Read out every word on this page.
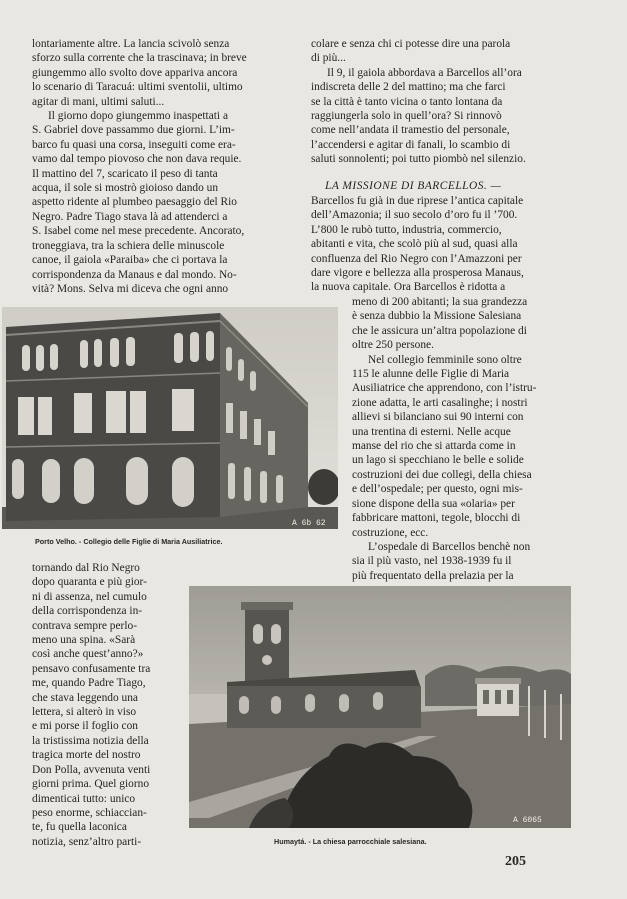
lontariamente altre. La lancia scivolò senza
sforzo sulla corrente che la trascinava; in breve
giungemmo allo svolto dove appariva ancora
lo scenario di Taracuá: ultimi sventolii, ultimo
agitar di mani, ultimi saluti...
Il giorno dopo giungemmo inaspettati a
S. Gabriel dove passammo due giorni. L’im-
barco fu quasi una corsa, inseguiti come era-
vamo dal tempo piovoso che non dava requie.
Il mattino del 7, scaricato il peso di tanta
acqua, il sole si mostrò gioioso dando un
aspetto ridente al plumbeo paesaggio del Rio
Negro. Padre Tiago stava là ad attenderci a
S. Isabel come nel mese precedente. Ancorato,
troneggiava, tra la schiera delle minuscole
canoe, il gaiola «Paraiba» che ci portava la
corrispondenza da Manaus e dal mondo. No-
vità? Mons. Selva mi diceva che ogni anno
colare e senza chi ci potesse dire una parola
di più...
Il 9, il gaiola abbordava a Barcellos all’ora
indiscreta delle 2 del mattino; ma che farci
se la città è tanto vicina o tanto lontana da
raggiungerla solo in quell’ora? Si rinnovò
come nell’andata il tramestio del personale,
l’accendersi e agitar di fanali, lo scambio di
saluti sonnolenti; poi tutto piombò nel silenzio.
LA MISSIONE DI BARCELLOS. —
Barcellos fu già in due riprese l’antica capitale
dell’Amazonia; il suo secolo d’oro fu il ’700.
L’800 le rubò tutto, industria, commercio,
abitanti e vita, che scolò più al sud, quasi alla
confluenza del Rio Negro con l’Amazzoni per
dare vigore e bellezza alla prosperosa Manaus,
la nuova capitale. Ora Barcellos è ridotta a
meno di 200 abitanti; la sua grandezza
è senza dubbio la Missione Salesiana
che le assicura un’altra popolazione di
oltre 250 persone.
Nel collegio femminile sono oltre
115 le alunne delle Figlie di Maria
Ausiliatrice che apprendono, con l’istru-
zione adatta, le arti casalinghe; i nostri
allievi si bilanciano sui 90 interni con
una trentina di esterni. Nelle acque
manse del rio che si attarda come in
un lago si specchiano le belle e solide
costruzioni dei due collegi, della chiesa
e dell’ospedale; per questo, ogni mis-
sione dispone della sua «olaria» per
fabbricare mattoni, tegole, blocchi di
costruzione, ecc.
L’ospedale di Barcellos benchè non
sia il più vasto, nel 1938-1939 fu il
più frequentato della prelazia per la
tornando dal Rio Negro
dopo quaranta e più gior-
ni di assenza, nel cumulo
della corrispondenza in-
contrava sempre perlo-
meno una spina. «Sarà
così anche quest’anno?»
pensavo confusamente tra
me, quando Padre Tiago,
che stava leggendo una
lettera, si alterò in viso
e mi porse il foglio con
la tristissima notizia della
tragica morte del nostro
Don Polla, avvenuta venti
giorni prima. Quel giorno
dimenticai tutto: unico
peso enorme, schiaccian-
te, fu quella laconica
notizia, senz’altro parti-
A 6b 62
Porto Velho. - Collegio delle Figlie di Maria Ausiliatrice.
A 6065
Humaytá. - La chiesa parrocchiale salesiana.
205
